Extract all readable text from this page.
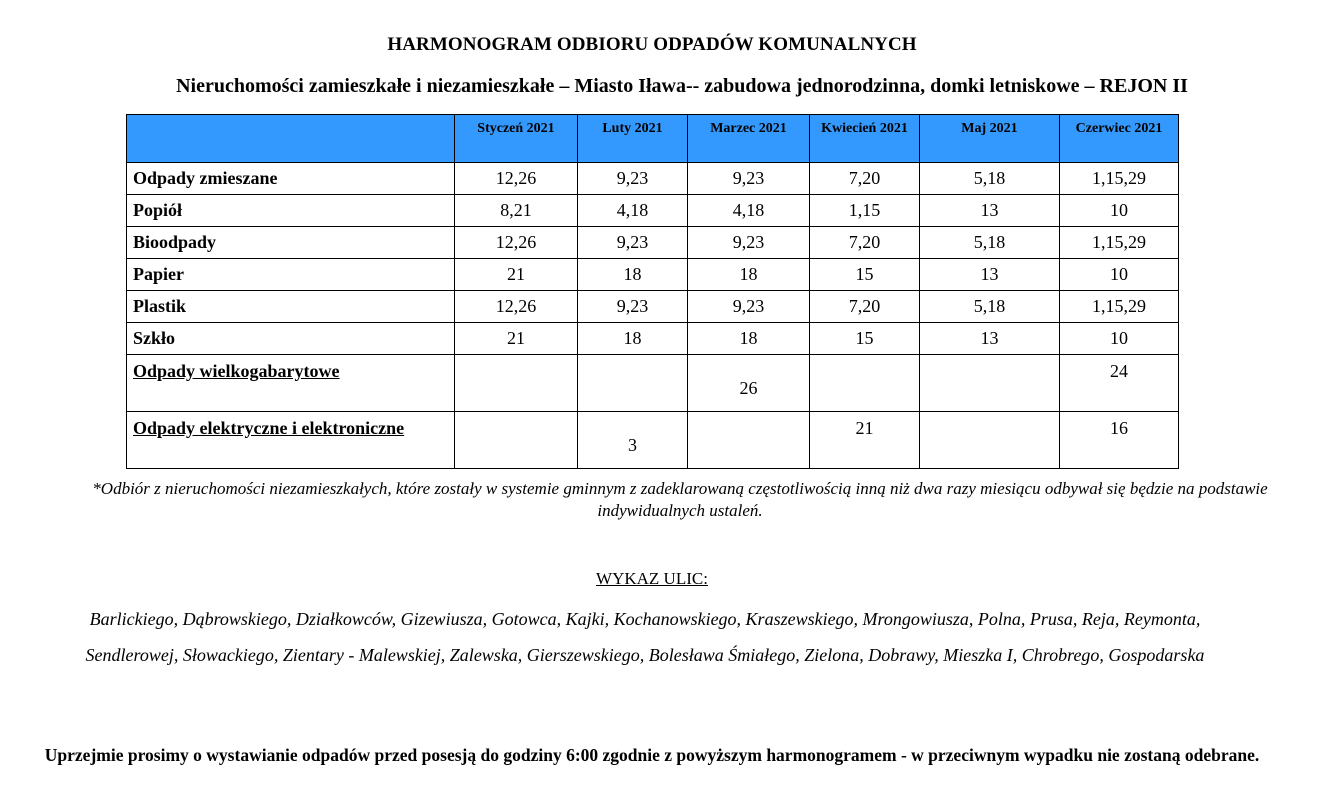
HARMONOGRAM ODBIORU ODPADÓW KOMUNALNYCH
Nieruchomości zamieszkałe i niezamieszkałe – Miasto Iława-- zabudowa jednorodzinna, domki letniskowe – REJON II
	Styczeń 2021	Luty 2021	Marzec 2021	Kwiecień 2021	Maj 2021	Czerwiec 2021
Odpady zmieszane	12,26	9,23	9,23	7,20	5,18	1,15,29
Popiół	8,21	4,18	4,18	1,15	13	10
Bioodpady	12,26	9,23	9,23	7,20	5,18	1,15,29
Papier	21	18	18	15	13	10
Plastik	12,26	9,23	9,23	7,20	5,18	1,15,29
Szkło	21	18	18	15	13	10
Odpady wielkogabarytowe			26			24
Odpady elektryczne i elektroniczne		3		21		16
*Odbiór z nieruchomości niezamieszkałych, które zostały w systemie gminnym z zadeklarowaną częstotliwością inną niż dwa razy miesiącu odbywał się będzie na podstawie indywidualnych ustaleń.
WYKAZ ULIC:
Barlickiego, Dąbrowskiego, Działkowców, Gizewiusza, Gotowca, Kajki, Kochanowskiego, Kraszewskiego, Mrongowiusza, Polna, Prusa, Reja, Reymonta, Sendlerowej, Słowackiego, Zientary - Malewskiej, Zalewska, Gierszewskiego, Bolesława Śmiałego, Zielona, Dobrawy, Mieszka I, Chrobrego, Gospodarska
Uprzejmie prosimy o wystawianie odpadów przed posesją do godziny 6:00 zgodnie z powyższym harmonogramem - w przeciwnym wypadku nie zostaną odebrane.
